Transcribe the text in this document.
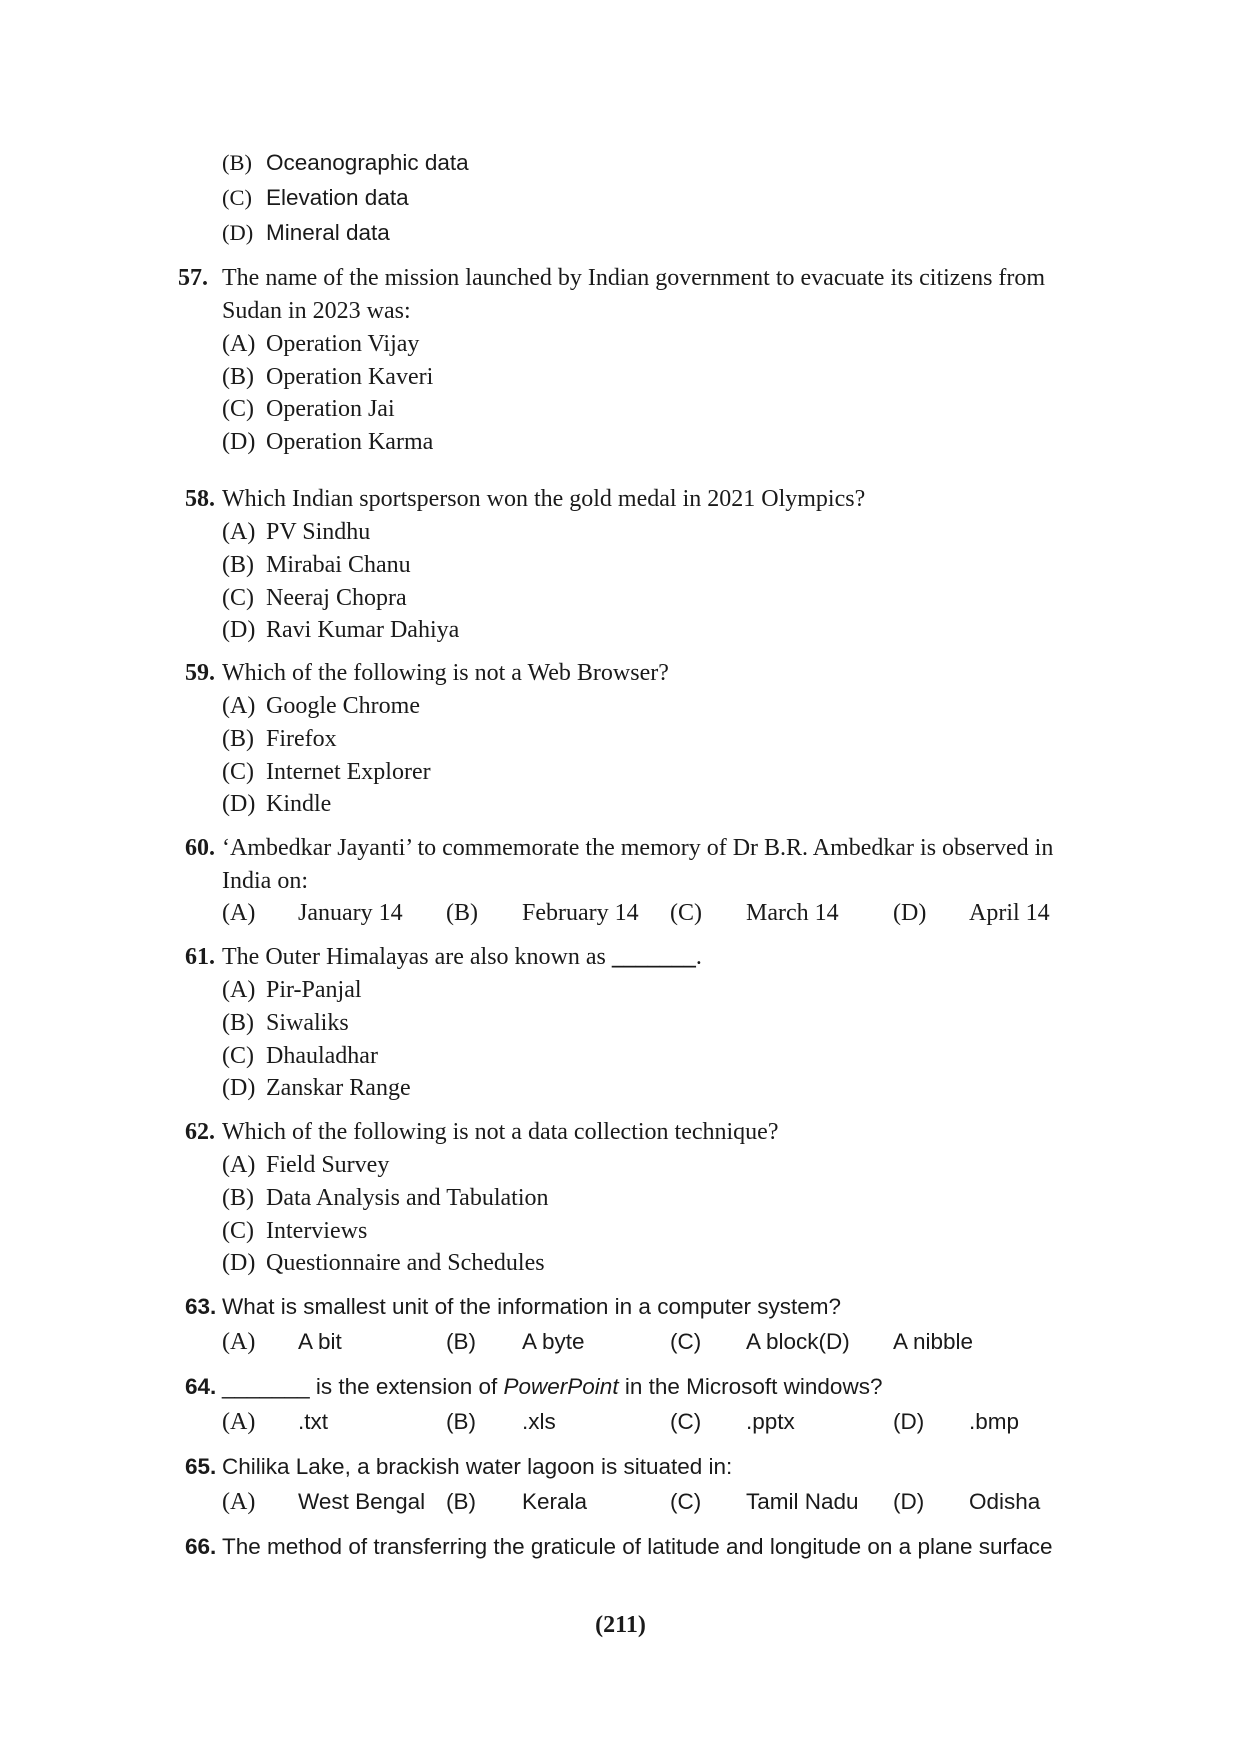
(B) Oceanographic data
(C) Elevation data
(D) Mineral data
57. The name of the mission launched by Indian government to evacuate its citizens from
Sudan in 2023 was:
(A) Operation Vijay
(B) Operation Kaveri
(C) Operation Jai
(D) Operation Karma
58. Which Indian sportsperson won the gold medal in 2021 Olympics?
(A) PV Sindhu
(B) Mirabai Chanu
(C) Neeraj Chopra
(D) Ravi Kumar Dahiya
59. Which of the following is not a Web Browser?
(A) Google Chrome
(B) Firefox
(C) Internet Explorer
(D) Kindle
60. ‘Ambedkar Jayanti’ to commemorate the memory of Dr B.R. Ambedkar is observed in
India on:
(A) January 14 (B) February 14 (C) March 14 (D) April 14
61. The Outer Himalayas are also known as _______.
(A) Pir-Panjal
(B) Siwaliks
(C) Dhauladhar
(D) Zanskar Range
62. Which of the following is not a data collection technique?
(A) Field Survey
(B) Data Analysis and Tabulation
(C) Interviews
(D) Questionnaire and Schedules
63. What is smallest unit of the information in a computer system?
(A) A bit	(B) A byte	(C) A block(D) A nibble
64. _______ is the extension of PowerPoint in the Microsoft windows?
(A) .txt	(B) .xls	(C) .pptx	(D) .bmp
65. Chilika Lake, a brackish water lagoon is situated in:
(A) West Bengal (B) Kerala	(C) Tamil Nadu (D) Odisha
66. The method of transferring the graticule of latitude and longitude on a plane surface
(211)
